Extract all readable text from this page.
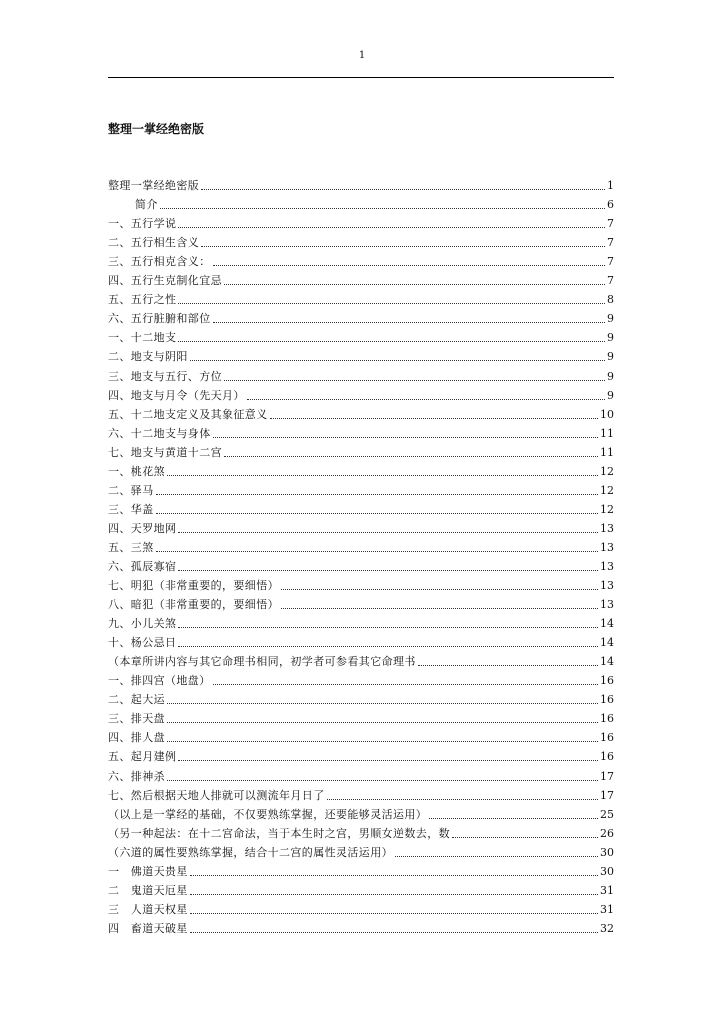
1
整理一掌经绝密版
整理一掌经绝密版	1
简介	6
一、五行学说	7
二、五行相生含义	7
三、五行相克含义：	7
四、五行生克制化宜忌	7
五、五行之性	8
六、五行脏腑和部位	9
一、十二地支	9
二、地支与阴阳	9
三、地支与五行、方位	9
四、地支与月令（先天月）	9
五、十二地支定义及其象征意义	10
六、十二地支与身体	11
七、地支与黄道十二宫	11
一、桃花煞	12
二、驿马	12
三、华盖	12
四、天罗地网	13
五、三煞	13
六、孤辰寡宿	13
七、明犯（非常重要的，要细悟）	13
八、暗犯（非常重要的，要细悟）	13
九、小儿关煞	14
十、杨公忌日	14
（本章所讲内容与其它命理书相同，初学者可参看其它命理书	14
一、排四宫（地盘）	16
二、起大运	16
三、排天盘	16
四、排人盘	16
五、起月建例	16
六、排神杀	17
七、然后根据天地人排就可以测流年月日了	17
（以上是一掌经的基础，不仅要熟练掌握，还要能够灵活运用）	25
（另一种起法：在十二宫命法，当于本生时之宫，男顺女逆数去，数	26
（六道的属性要熟练掌握，结合十二宫的属性灵活运用）	30
一　佛道天贵星	30
二　鬼道天厄星	31
三　人道天权星	31
四　畜道天破星	32
